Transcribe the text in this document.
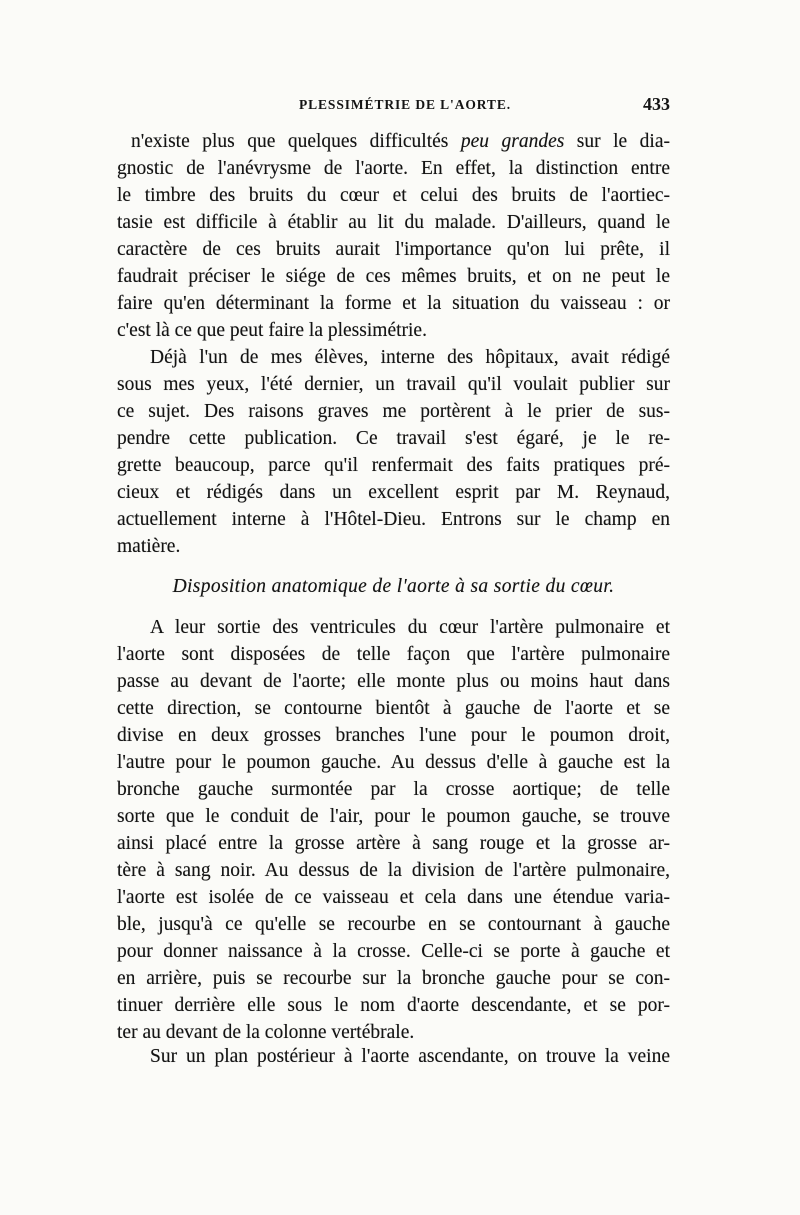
PLESSIMÉTRIE DE L'AORTE.	433
n'existe plus que quelques difficultés peu grandes sur le dia-
gnostic de l'anévrysme de l'aorte. En effet, la distinction entre
le timbre des bruits du cœur et celui des bruits de l'aortiec-
tasie est difficile à établir au lit du malade. D'ailleurs, quand le
caractère de ces bruits aurait l'importance qu'on lui prête, il
faudrait préciser le siége de ces mêmes bruits, et on ne peut le
faire qu'en déterminant la forme et la situation du vaisseau : or
c'est là ce que peut faire la plessimétrie.
Déjà l'un de mes élèves, interne des hôpitaux, avait rédigé
sous mes yeux, l'été dernier, un travail qu'il voulait publier sur
ce sujet. Des raisons graves me portèrent à le prier de sus-
pendre cette publication. Ce travail s'est égaré, je le re-
grette beaucoup, parce qu'il renfermait des faits pratiques pré-
cieux et rédigés dans un excellent esprit par M. Reynaud,
actuellement interne à l'Hôtel-Dieu. Entrons sur le champ en
matière.
Disposition anatomique de l'aorte à sa sortie du cœur.
A leur sortie des ventricules du cœur l'artère pulmonaire et
l'aorte sont disposées de telle façon que l'artère pulmonaire
passe au devant de l'aorte; elle monte plus ou moins haut dans
cette direction, se contourne bientôt à gauche de l'aorte et se
divise en deux grosses branches l'une pour le poumon droit,
l'autre pour le poumon gauche. Au dessus d'elle à gauche est la
bronche gauche surmontée par la crosse aortique; de telle
sorte que le conduit de l'air, pour le poumon gauche, se trouve
ainsi placé entre la grosse artère à sang rouge et la grosse ar-
tère à sang noir. Au dessus de la division de l'artère pulmonaire,
l'aorte est isolée de ce vaisseau et cela dans une étendue varia-
ble, jusqu'à ce qu'elle se recourbe en se contournant à gauche
pour donner naissance à la crosse. Celle-ci se porte à gauche et
en arrière, puis se recourbe sur la bronche gauche pour se con-
tinuer derrière elle sous le nom d'aorte descendante, et se por-
ter au devant de la colonne vertébrale.
Sur un plan postérieur à l'aorte ascendante, on trouve la veine
